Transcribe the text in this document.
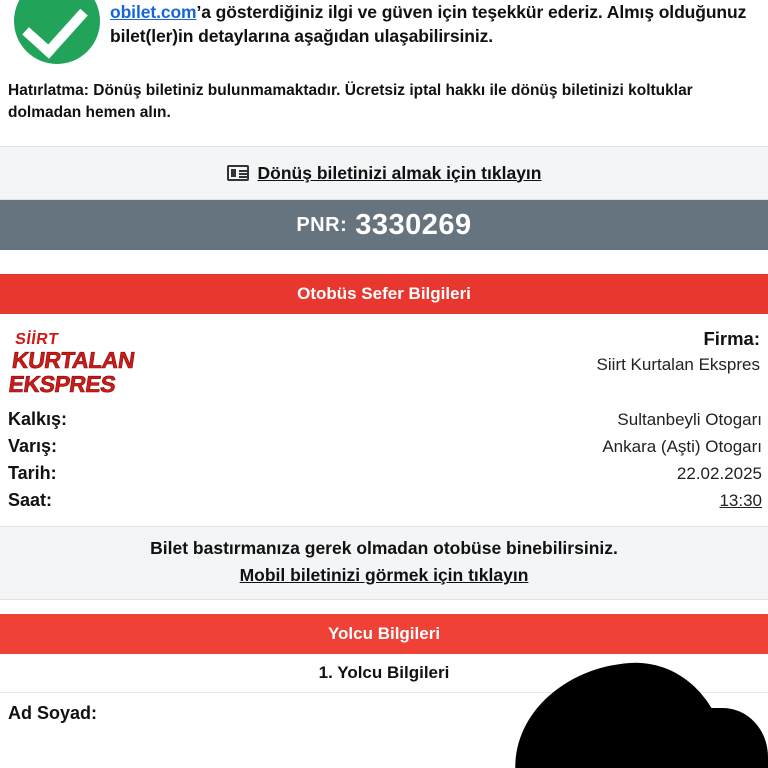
obilet.com’a gösterdiğiniz ilgi ve güven için teşekkür ederiz. Almış olduğunuz bilet(ler)in detaylarına aşağıdan ulaşabilirsiniz.
Hatırlatma: Dönüş biletiniz bulunmamaktadır. Ücretsiz iptal hakkı ile dönüş biletinizi koltuklar dolmadan hemen alın.
Dönüş biletinizi almak için tıklayın
PNR: 3330269
Otobüs Sefer Bilgileri
SİİRT
KURTALAN EKSPRES
Firma:
Siirt Kurtalan Ekspres
Kalkış:	Sultanbeyli Otogarı
Varış:	Ankara (Aşti) Otogarı
Tarih:	22.02.2025
Saat:	13:30
Bilet bastırmanıza gerek olmadan otobüse binebilirsiniz.
Mobil biletinizi görmek için tıklayın
Yolcu Bilgileri
1. Yolcu Bilgileri
Ad Soyad:
